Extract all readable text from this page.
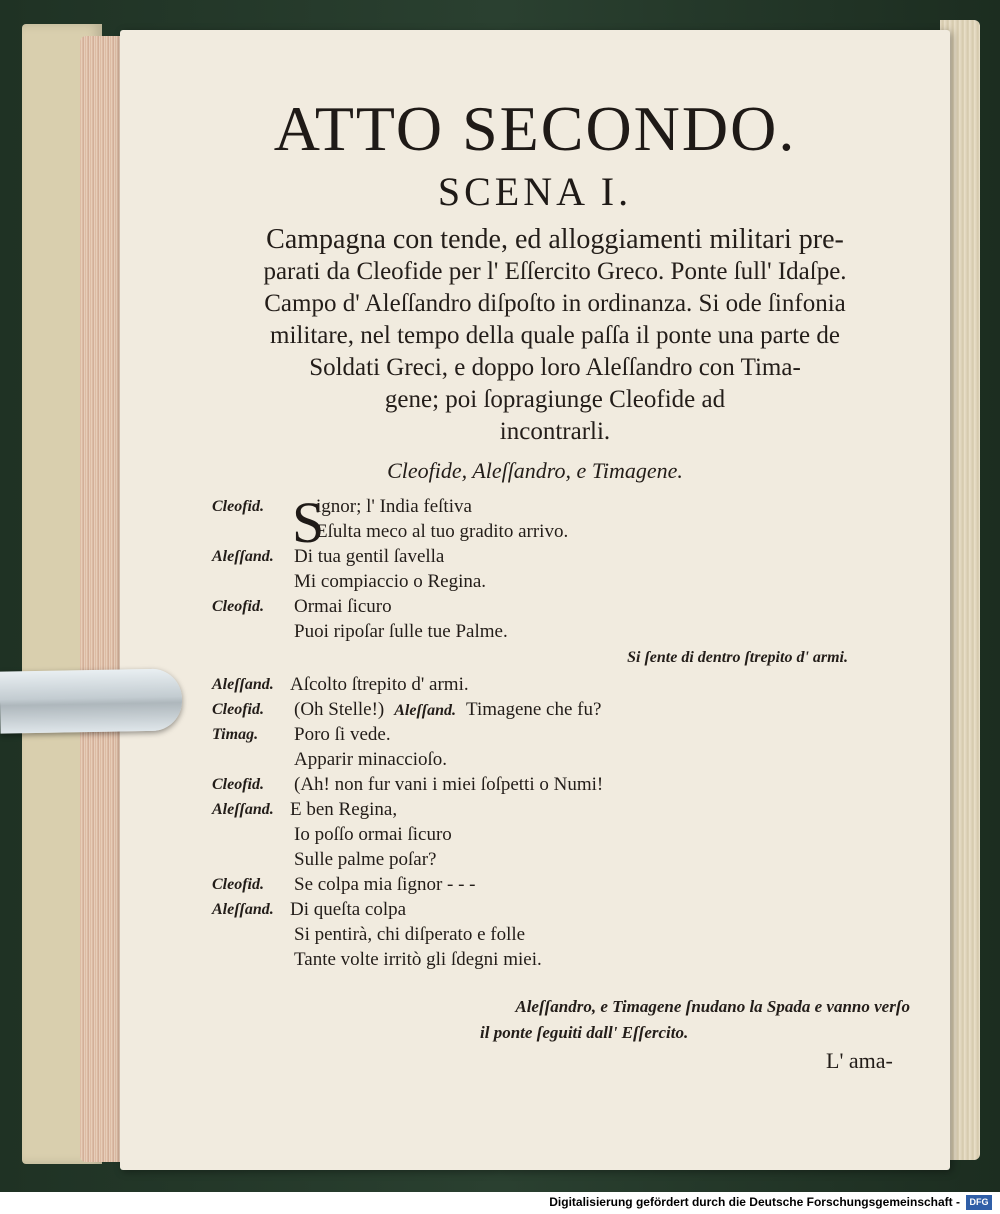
ATTO SECONDO.
SCENA I.
Campagna con tende, ed alloggiamenti militari pre-
parati da Cleofide per l' Eſſercito Greco. Ponte ſull' Idaſpe.
Campo d' Aleſſandro diſpoſto in ordinanza. Si ode ſinfonia
militare, nel tempo della quale paſſa il ponte una parte de
Soldati Greci, e doppo loro Aleſſandro con Tima-
gene; poi ſopragiunge Cleofide ad
incontrarli.
Cleofide, Aleſſandro, e Timagene.
Cleofid. S
ignor; l' India feſtiva
Eſulta meco al tuo gradito arrivo.
Aleſſand. Di tua gentil ſavella
Mi compiaccio o Regina.
Cleofid. Ormai ſicuro
Puoi ripoſar ſulle tue Palme.
Si ſente di dentro ſtrepito d' armi.
Aleſſand. Aſcolto ſtrepito d' armi.
Cleofid. (Oh Stelle!) Aleſſand. Timagene che fu?
Timag. Poro ſi vede.
Apparir minaccioſo.
Cleofid. (Ah! non fur vani i miei ſoſpetti o Numi!
Aleſſand. E ben Regina,
Io poſſo ormai ſicuro
Sulle palme poſar?
Cleofid. Se colpa mia ſignor - - -
Aleſſand. Di queſta colpa
Si pentirà, chi diſperato e folle
Tante volte irritò gli ſdegni miei.
Aleſſandro, e Timagene ſnudano la Spada e vanno verſo
il ponte ſeguiti dall' Eſſercito.
L' ama-
Digitalisierung gefördert durch die Deutsche Forschungsgemeinschaft -	DFG
